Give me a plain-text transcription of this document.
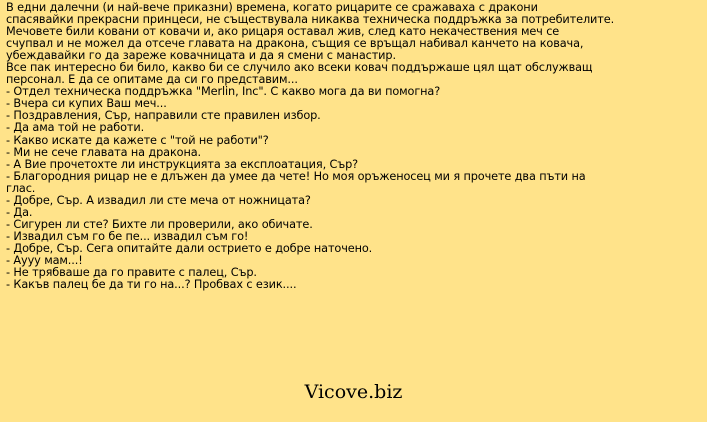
В едни далечни (и най-вече приказни) времена, когато рицарите се сражаваха с дракони
спасявайки прекрасни принцеси, не съществувала никаква техническа поддръжка за потребителите.
Мечовете били ковани от ковачи и, ако рицаря оставал жив, след като некачествения меч се
счупвал и не можел да отсече главата на дракона, същия се връщал набивал канчето на ковача,
убеждавайки го да зареже ковачницата и да я смени с манастир.
Все пак интересно би било, какво би се случило ако всеки ковач поддържаше цял щат обслужващ
персонал. Е да се опитаме да си го представим...
- Отдел техническа поддръжка "Merlin, Inc". С какво мога да ви помогна?
- Вчера си купих Ваш меч...
- Поздравления, Сър, направили сте правилен избор.
- Да ама той не работи.
- Какво искате да кажете с "той не работи"?
- Ми не сече главата на дракона.
- А Вие прочетохте ли инструкцията за експлоатация, Сър?
- Благородния рицар не е длъжен да умее да чете! Но моя оръженосец ми я прочете два пъти на
глас.
- Добре, Сър. А извадил ли сте меча от ножницата?
- Да.
- Сигурен ли сте? Бихте ли проверили, ако обичате.
- Извадил съм го бе пе... извадил съм го!
- Добре, Сър. Сега опитайте дали острието е добре наточено.
- Аууу мам...!
- Не трябваше да го правите с палец, Сър.
- Какъв палец бе да ти го на...? Пробвах с език....
Vicove.biz
